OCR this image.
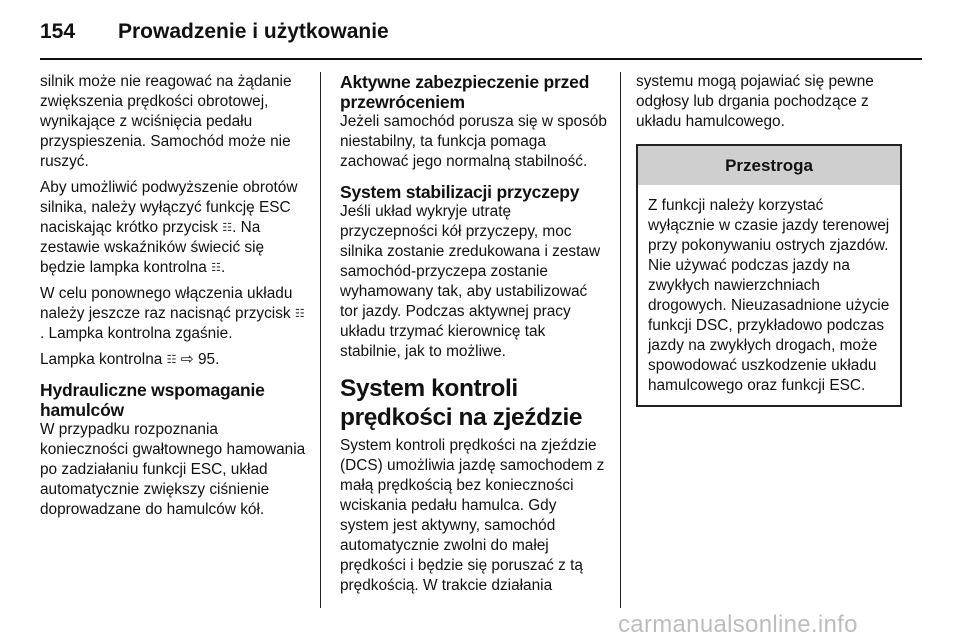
154 Prowadzenie i użytkowanie

silnik może nie reagować na żądanie zwiększenia prędkości obrotowej, wynikające z wciśnięcia pedału przyspieszenia. Samochód może nie ruszyć.

Aby umożliwić podwyższenie obrotów silnika, należy wyłączyć funkcję ESC naciskając krótko przycisk ☷. Na zestawie wskaźników świecić się będzie lampka kontrolna ☷.

W celu ponownego włączenia układu należy jeszcze raz nacisnąć przycisk ☷. Lampka kontrolna zgaśnie.

Lampka kontrolna ☷ ⇨ 95.

Hydrauliczne wspomaganie hamulców

W przypadku rozpoznania konieczności gwałtownego hamowania po zadziałaniu funkcji ESC, układ automatycznie zwiększy ciśnienie doprowadzane do hamulców kół.

Aktywne zabezpieczenie przed przewróceniem

Jeżeli samochód porusza się w sposób niestabilny, ta funkcja pomaga zachować jego normalną stabilność.

System stabilizacji przyczepy

Jeśli układ wykryje utratę przyczepności kół przyczepy, moc silnika zostanie zredukowana i zestaw samochód-przyczepa zostanie wyhamowany tak, aby ustabilizować tor jazdy. Podczas aktywnej pracy układu trzymać kierownicę tak stabilnie, jak to możliwe.

System kontroli prędkości na zjeździe

System kontroli prędkości na zjeździe (DCS) umożliwia jazdę samochodem z małą prędkością bez konieczności wciskania pedału hamulca. Gdy system jest aktywny, samochód automatycznie zwolni do małej prędkości i będzie się poruszać z tą prędkością. W trakcie działania

systemu mogą pojawiać się pewne odgłosy lub drgania pochodzące z układu hamulcowego.

Przestroga

Z funkcji należy korzystać wyłącznie w czasie jazdy terenowej przy pokonywaniu ostrych zjazdów. Nie używać podczas jazdy na zwykłych nawierzchniach drogowych. Nieuzasadnione użycie funkcji DSC, przykładowo podczas jazdy na zwykłych drogach, może spowodować uszkodzenie układu hamulcowego oraz funkcji ESC.

carmanualsonline.info
